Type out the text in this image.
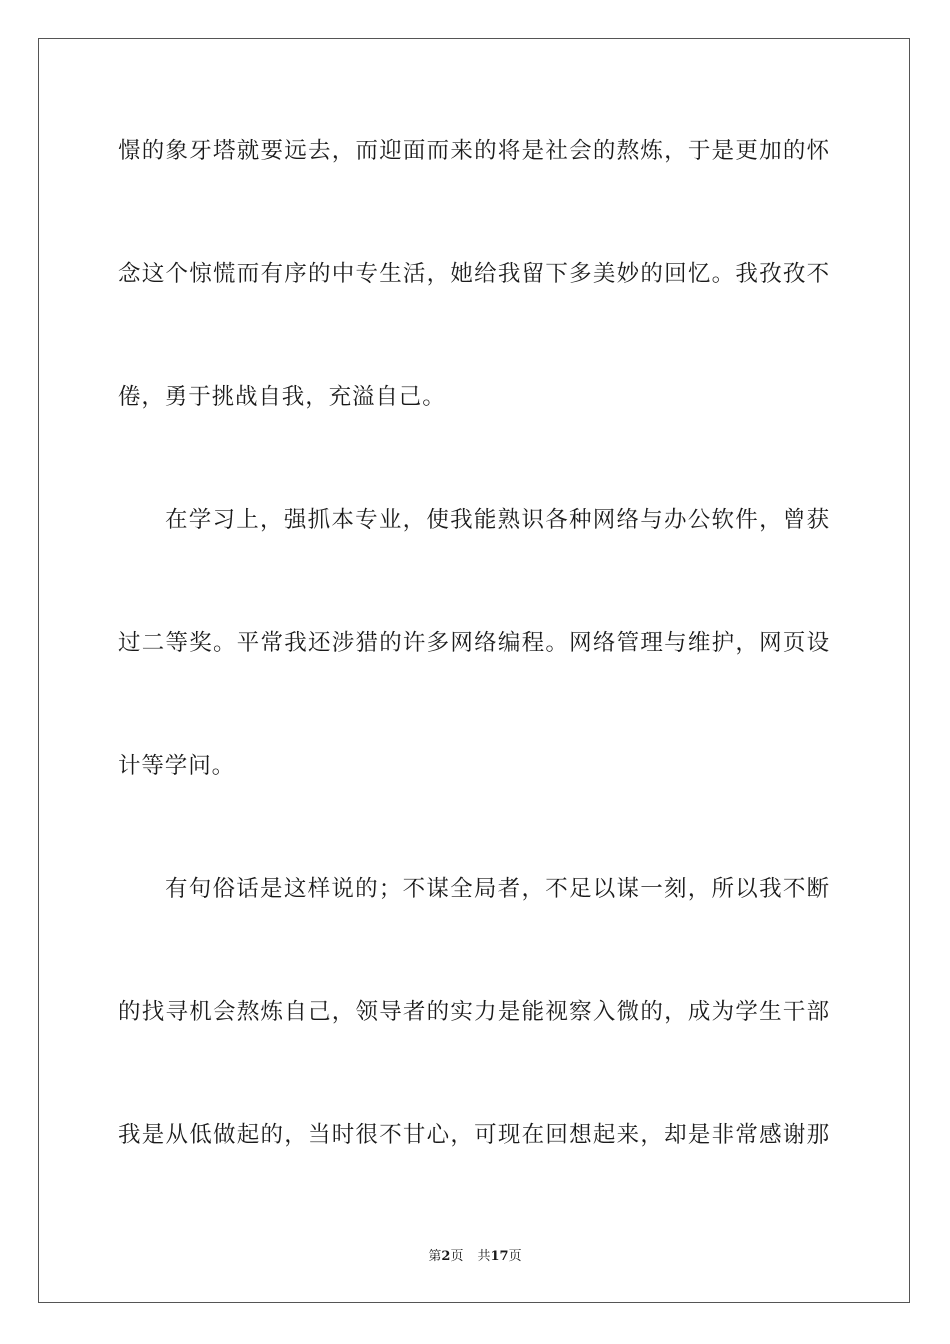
憬的象牙塔就要远去，而迎面而来的将是社会的熬炼，于是更加的怀
念这个惊慌而有序的中专生活，她给我留下多美妙的回忆。我孜孜不
倦，勇于挑战自我，充溢自己。
在学习上，强抓本专业，使我能熟识各种网络与办公软件，曾获
过二等奖。平常我还涉猎的许多网络编程。网络管理与维护，网页设
计等学问。
有句俗话是这样说的；不谋全局者，不足以谋一刻，所以我不断
的找寻机会熬炼自己，领导者的实力是能视察入微的，成为学生干部
我是从低做起的，当时很不甘心，可现在回想起来，却是非常感谢那
第2页 共17页
